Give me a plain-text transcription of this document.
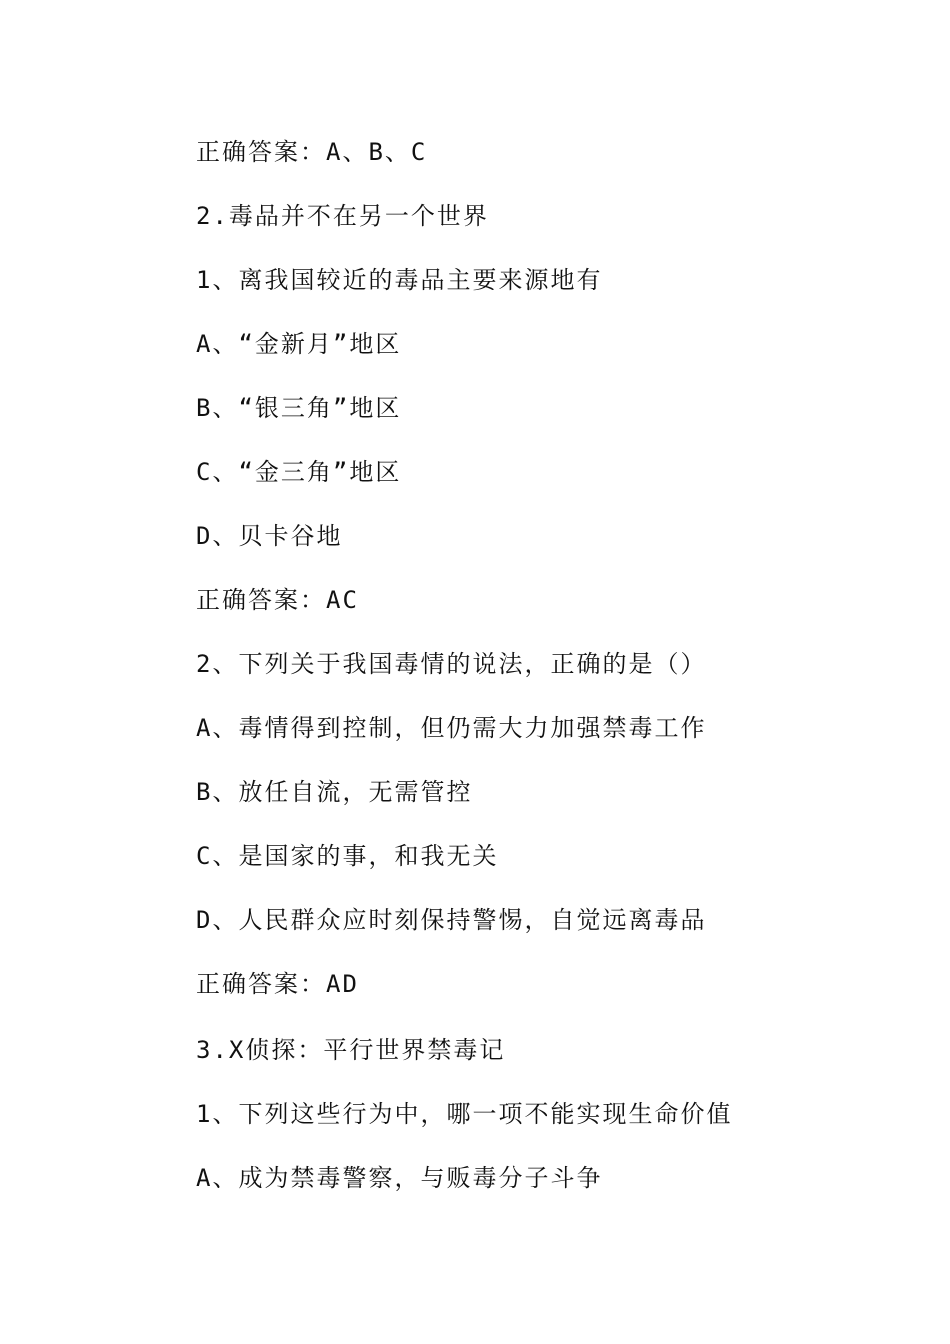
正确答案：A、B、C
2.毒品并不在另一个世界
1、离我国较近的毒品主要来源地有
A、“金新月”地区
B、“银三角”地区
C、“金三角”地区
D、贝卡谷地
正确答案：AC
2、下列关于我国毒情的说法，正确的是（）
A、毒情得到控制，但仍需大力加强禁毒工作
B、放任自流，无需管控
C、是国家的事，和我无关
D、人民群众应时刻保持警惕，自觉远离毒品
正确答案：AD
3.X侦探：平行世界禁毒记
1、下列这些行为中，哪一项不能实现生命价值
A、成为禁毒警察，与贩毒分子斗争
